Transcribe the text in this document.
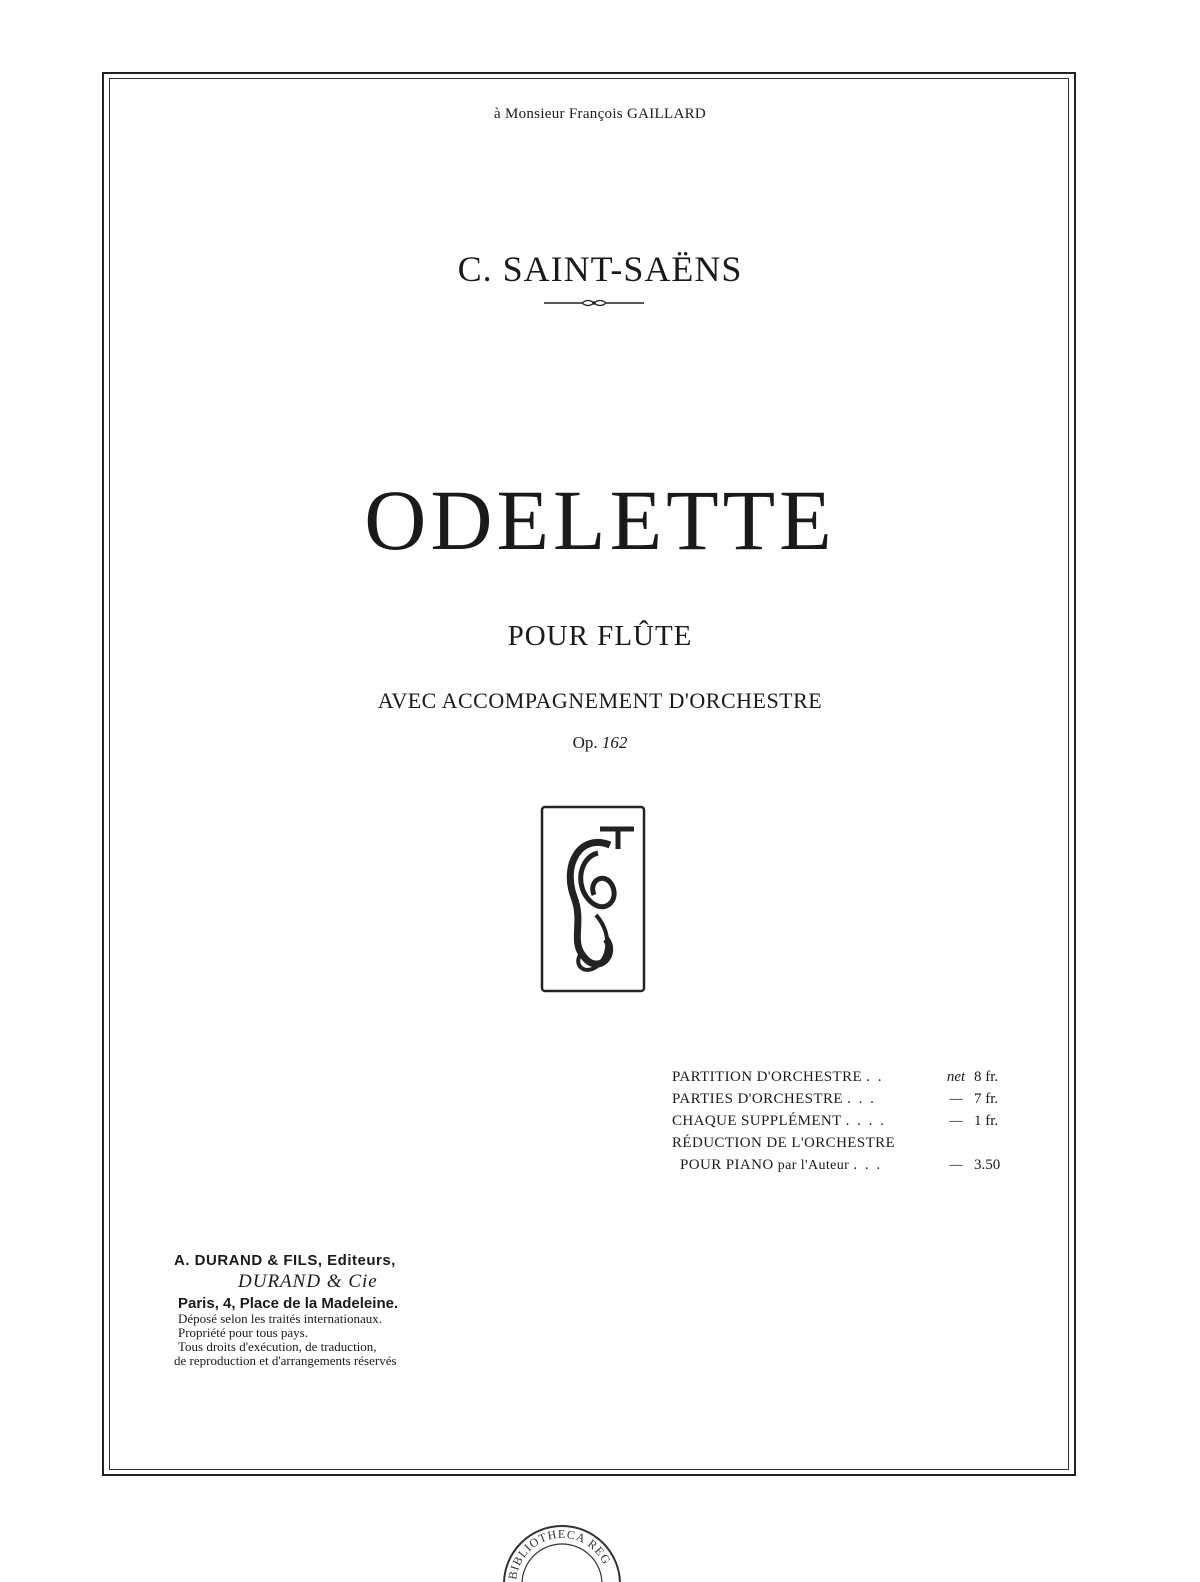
à Monsieur François GAILLARD
C. SAINT-SAËNS
ODELETTE
POUR FLÛTE
AVEC ACCOMPAGNEMENT D'ORCHESTRE
Op. 162
PARTITION D'ORCHESTRE . .	net 8 fr.
PARTIES D'ORCHESTRE . . .	— 7 fr.
CHAQUE SUPPLÉMENT . . . .	— 1 fr.
RÉDUCTION DE L'ORCHESTRE
POUR PIANO par l'Auteur . . .	— 3.50
A. DURAND & FILS, Editeurs,
DURAND & Cie
Paris, 4, Place de la Madeleine.
Déposé selon les traités internationaux.
Propriété pour tous pays.
Tous droits d'exécution, de traduction,
de reproduction et d'arrangements réservés
BIBLIOTHECA REG
